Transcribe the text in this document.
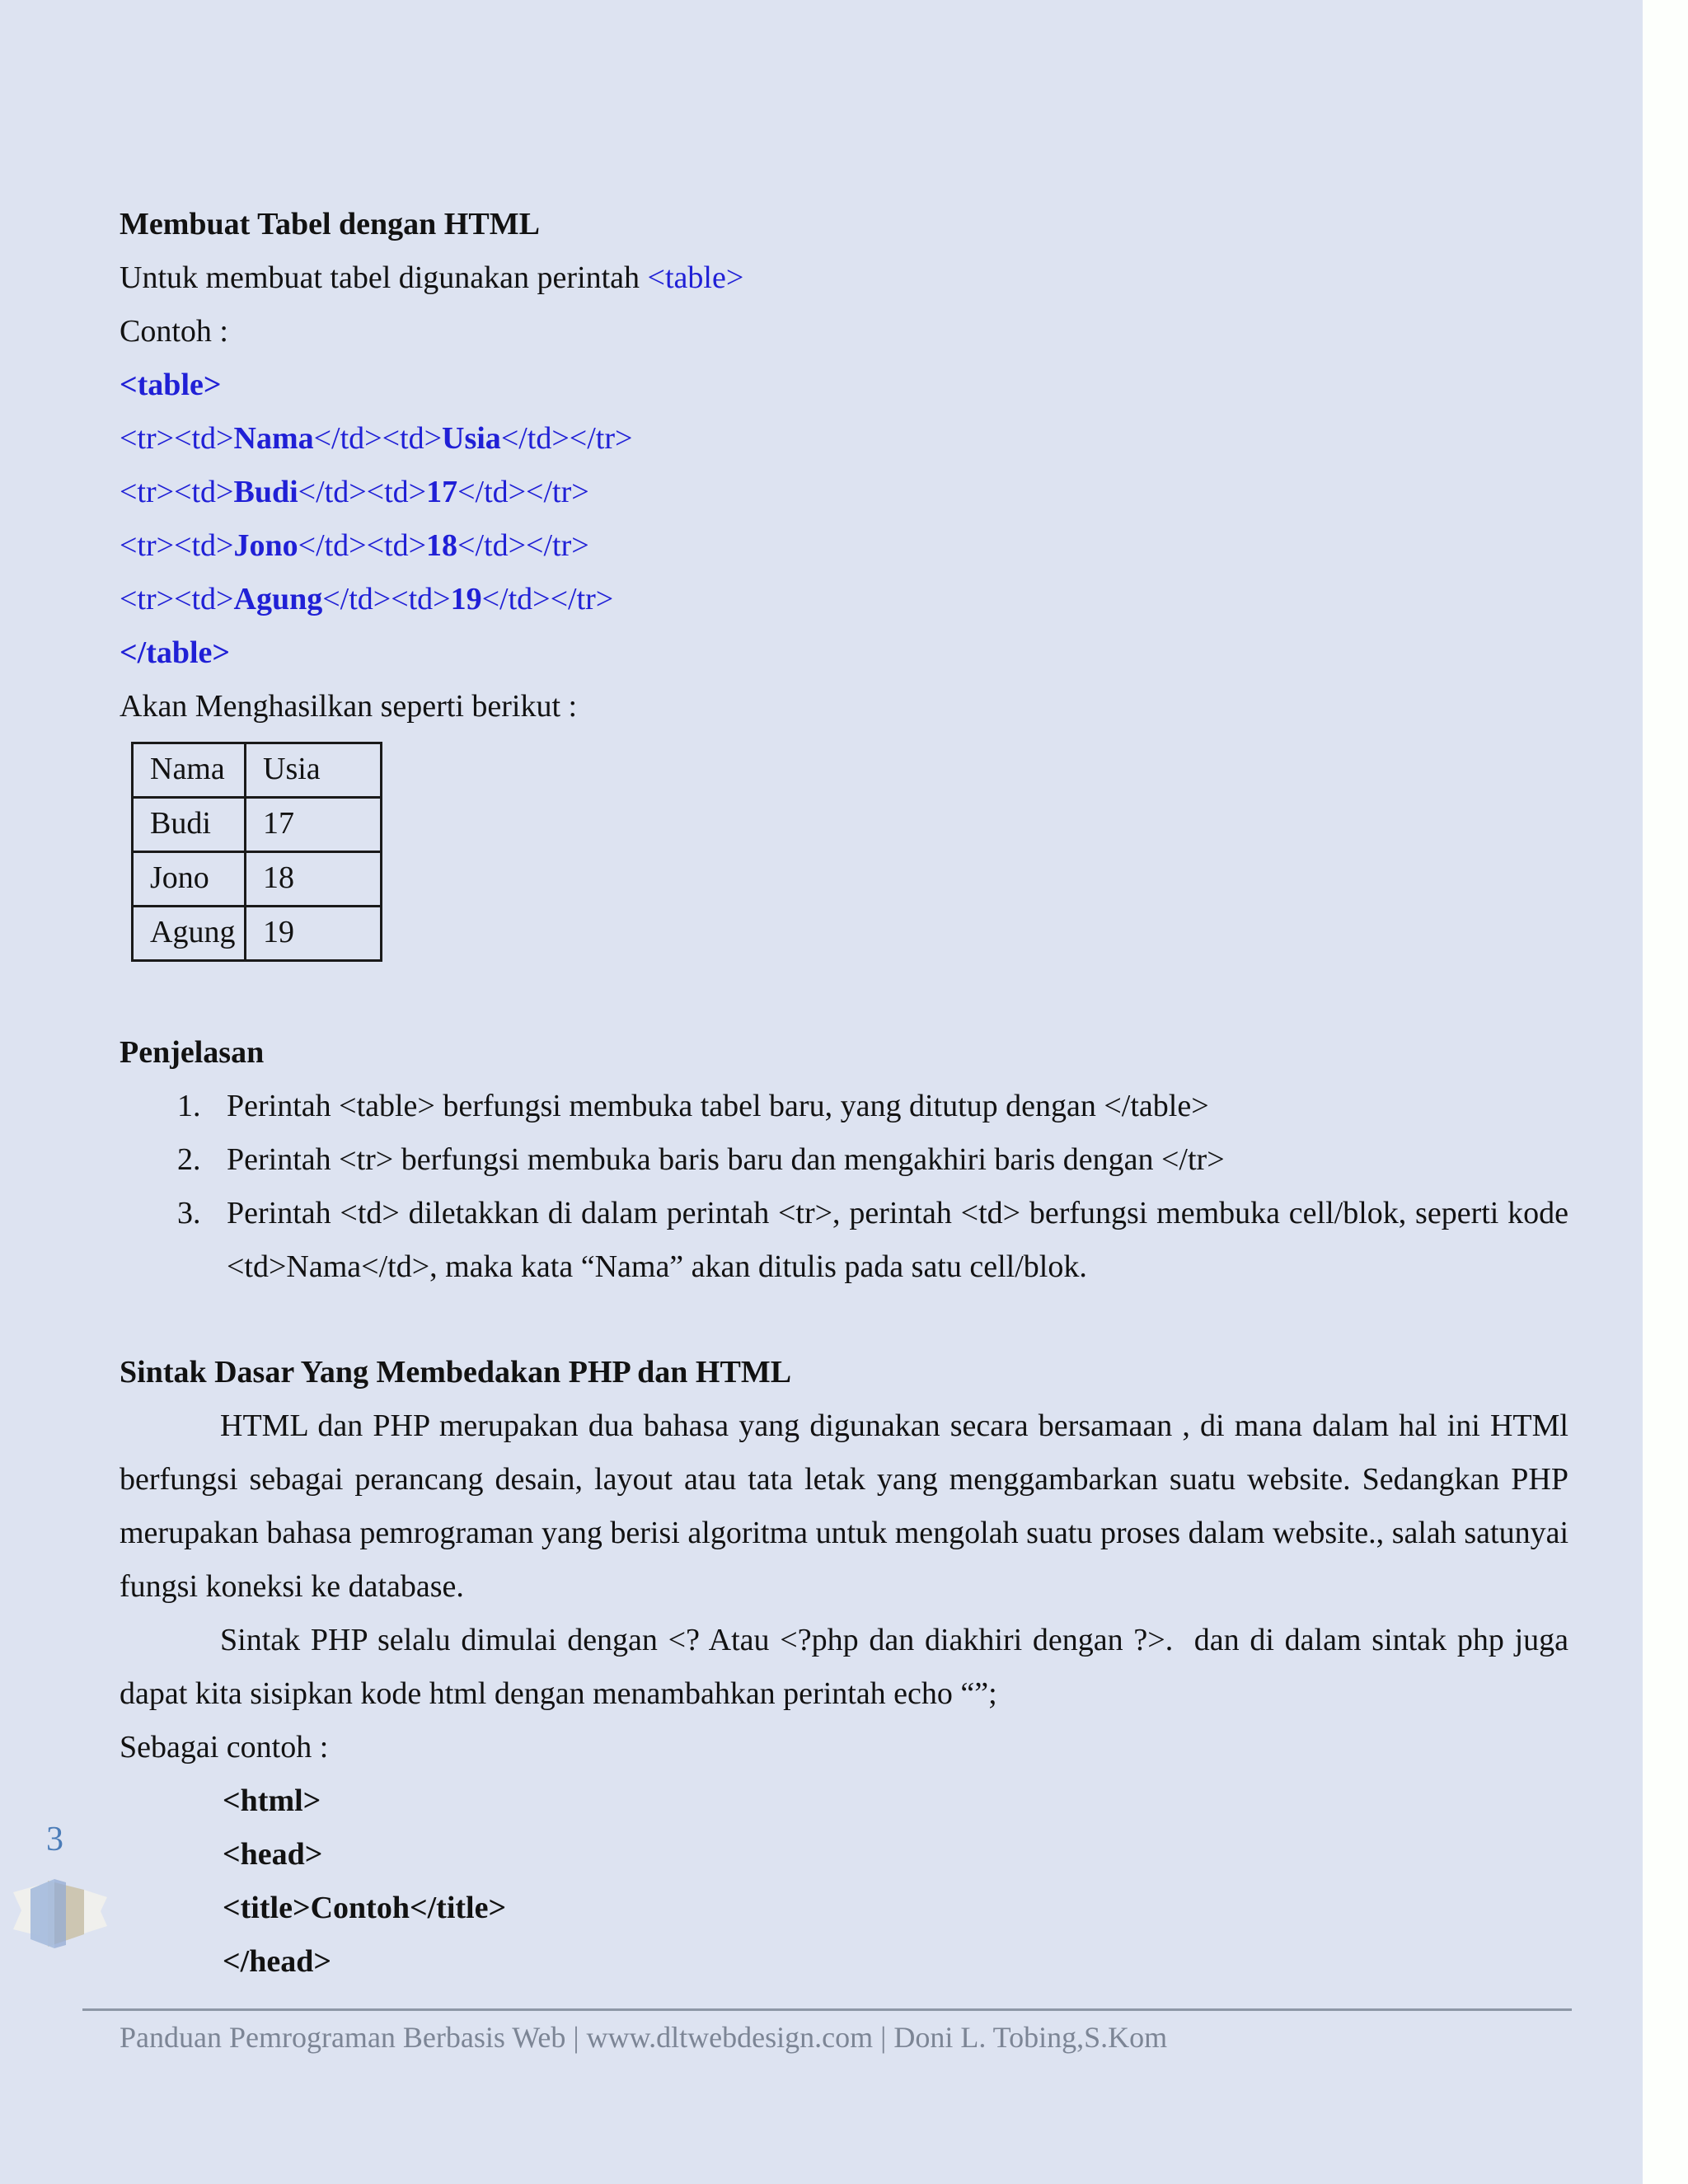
Membuat Tabel dengan HTML

Untuk membuat tabel digunakan perintah <table>

Contoh :

<table>

<tr><td>Nama</td><td>Usia</td></tr>

<tr><td>Budi</td><td>17</td></tr>

<tr><td>Jono</td><td>18</td></tr>

<tr><td>Agung</td><td>19</td></tr>

</table>

Akan Menghasilkan seperti berikut :

Nama	Usia
Budi	17
Jono	18
Agung	19

Penjelasan

1. Perintah <table> berfungsi membuka tabel baru, yang ditutup dengan </table>

2. Perintah <tr> berfungsi membuka baris baru dan mengakhiri baris dengan </tr>

3. Perintah <td> diletakkan di dalam perintah <tr>, perintah <td> berfungsi membuka cell/blok, seperti kode <td>Nama</td>, maka kata “Nama” akan ditulis pada satu cell/blok.

Sintak Dasar Yang Membedakan PHP dan HTML

HTML dan PHP merupakan dua bahasa yang digunakan secara bersamaan , di mana dalam hal ini HTMl berfungsi sebagai perancang desain, layout atau tata letak yang menggambarkan suatu website. Sedangkan PHP merupakan bahasa pemrograman yang berisi algoritma untuk mengolah suatu proses dalam website., salah satunyai fungsi koneksi ke database.

Sintak PHP selalu dimulai dengan <? Atau <?php dan diakhiri dengan ?>.  dan di dalam sintak php juga dapat kita sisipkan kode html dengan menambahkan perintah echo “”;

Sebagai contoh :

<html>

<head>

<title>Contoh</title>

</head>

3
Panduan Pemrograman Berbasis Web | www.dltwebdesign.com | Doni L. Tobing,S.Kom
